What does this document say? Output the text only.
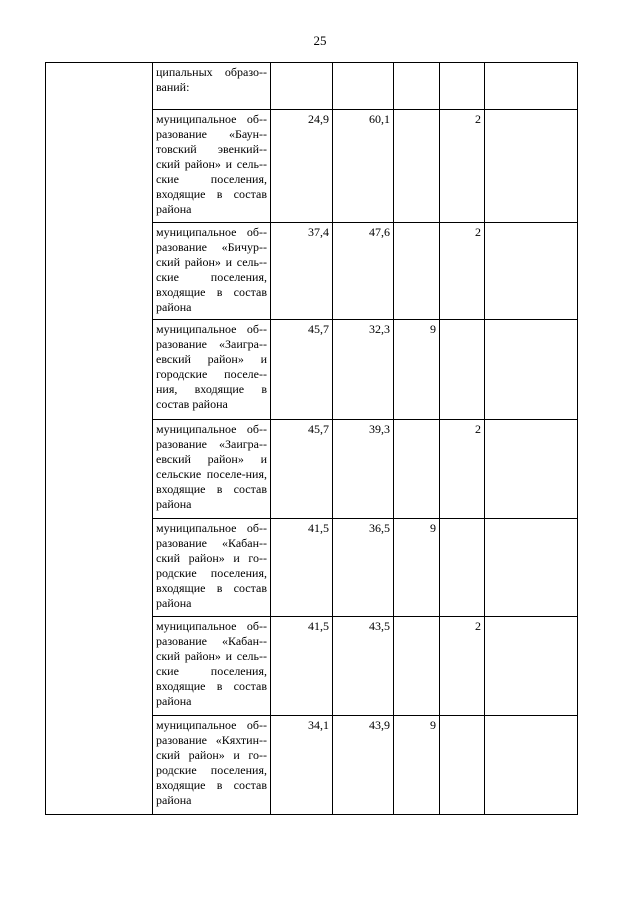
25
	ципальных образо-ваний:					
	муниципальное об-разование «Баун-товский эвенкий-ский район» и сель-ские поселения, входящие в состав района	24,9	60,1		2	
	муниципальное об-разование «Бичур-ский район» и сель-ские поселения, входящие в состав района	37,4	47,6		2	
	муниципальное об-разование «Заигра-евский район» и городские поселе-ния, входящие в состав района	45,7	32,3	9		
	муниципальное об-разование «Заигра-евский район» и сельские поселе-ния, входящие в состав района	45,7	39,3		2	
	муниципальное об-разование «Кабан-ский район» и го-родские поселения, входящие в состав района	41,5	36,5	9		
	муниципальное об-разование «Кабан-ский район» и сель-ские поселения, входящие в состав района	41,5	43,5		2	
	муниципальное об-разование «Кяхтин-ский район» и го-родские поселения, входящие в состав района	34,1	43,9	9		
